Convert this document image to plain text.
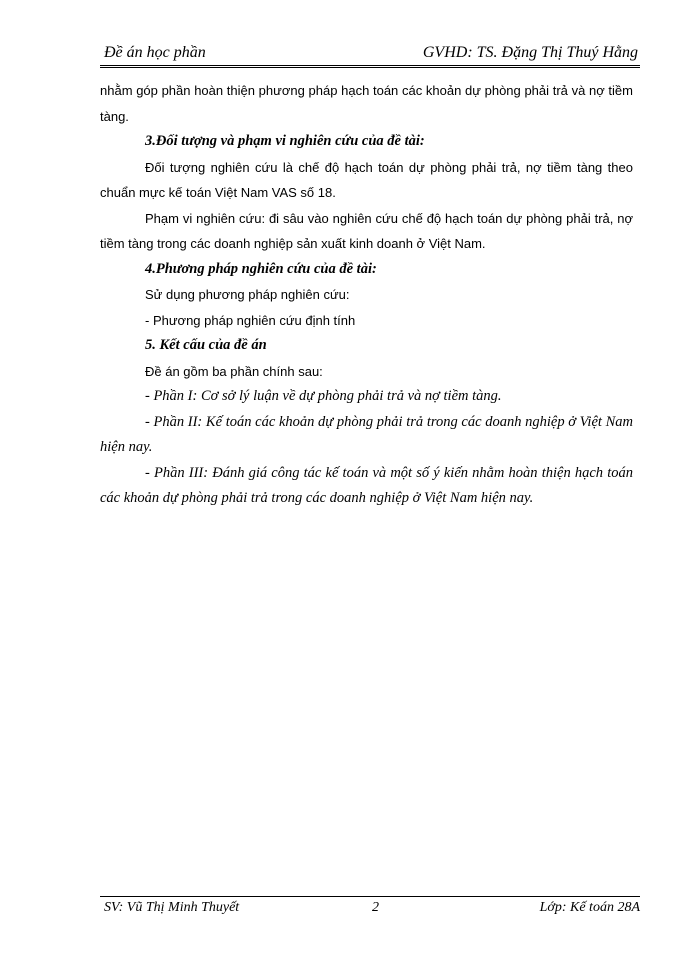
Đề án học phần	GVHD: TS. Đặng Thị Thuý Hằng

nhằm góp phần hoàn thiện phương pháp hạch toán các khoản dự phòng phải trả và nợ tiềm tàng.

3.Đối tượng và phạm vi nghiên cứu của đề tài:

Đối tượng nghiên cứu là chế độ hạch toán dự phòng phải trả, nợ tiềm tàng theo chuẩn mực kế toán Việt Nam VAS số 18.

Phạm vi nghiên cứu: đi sâu vào nghiên cứu chế độ hạch toán dự phòng phải trả, nợ tiềm tàng trong các doanh nghiệp sản xuất kinh doanh ở Việt Nam.

4.Phương pháp nghiên cứu của đề tài:

Sử dụng phương pháp nghiên cứu:

- Phương pháp nghiên cứu định tính

5. Kết cấu của đề án

Đề án gồm ba phần chính sau:

- Phần I: Cơ sở lý luận về dự phòng phải trả và nợ tiềm tàng.

- Phần II: Kế toán các khoản dự phòng phải trả trong các doanh nghiệp ở Việt Nam hiện nay.

- Phần III: Đánh giá công tác kế toán và một số ý kiến nhằm hoàn thiện hạch toán các khoản dự phòng phải trả trong các doanh nghiệp ở Việt Nam hiện nay.

SV: Vũ Thị Minh Thuyết	2	Lớp: Kế toán 28A
